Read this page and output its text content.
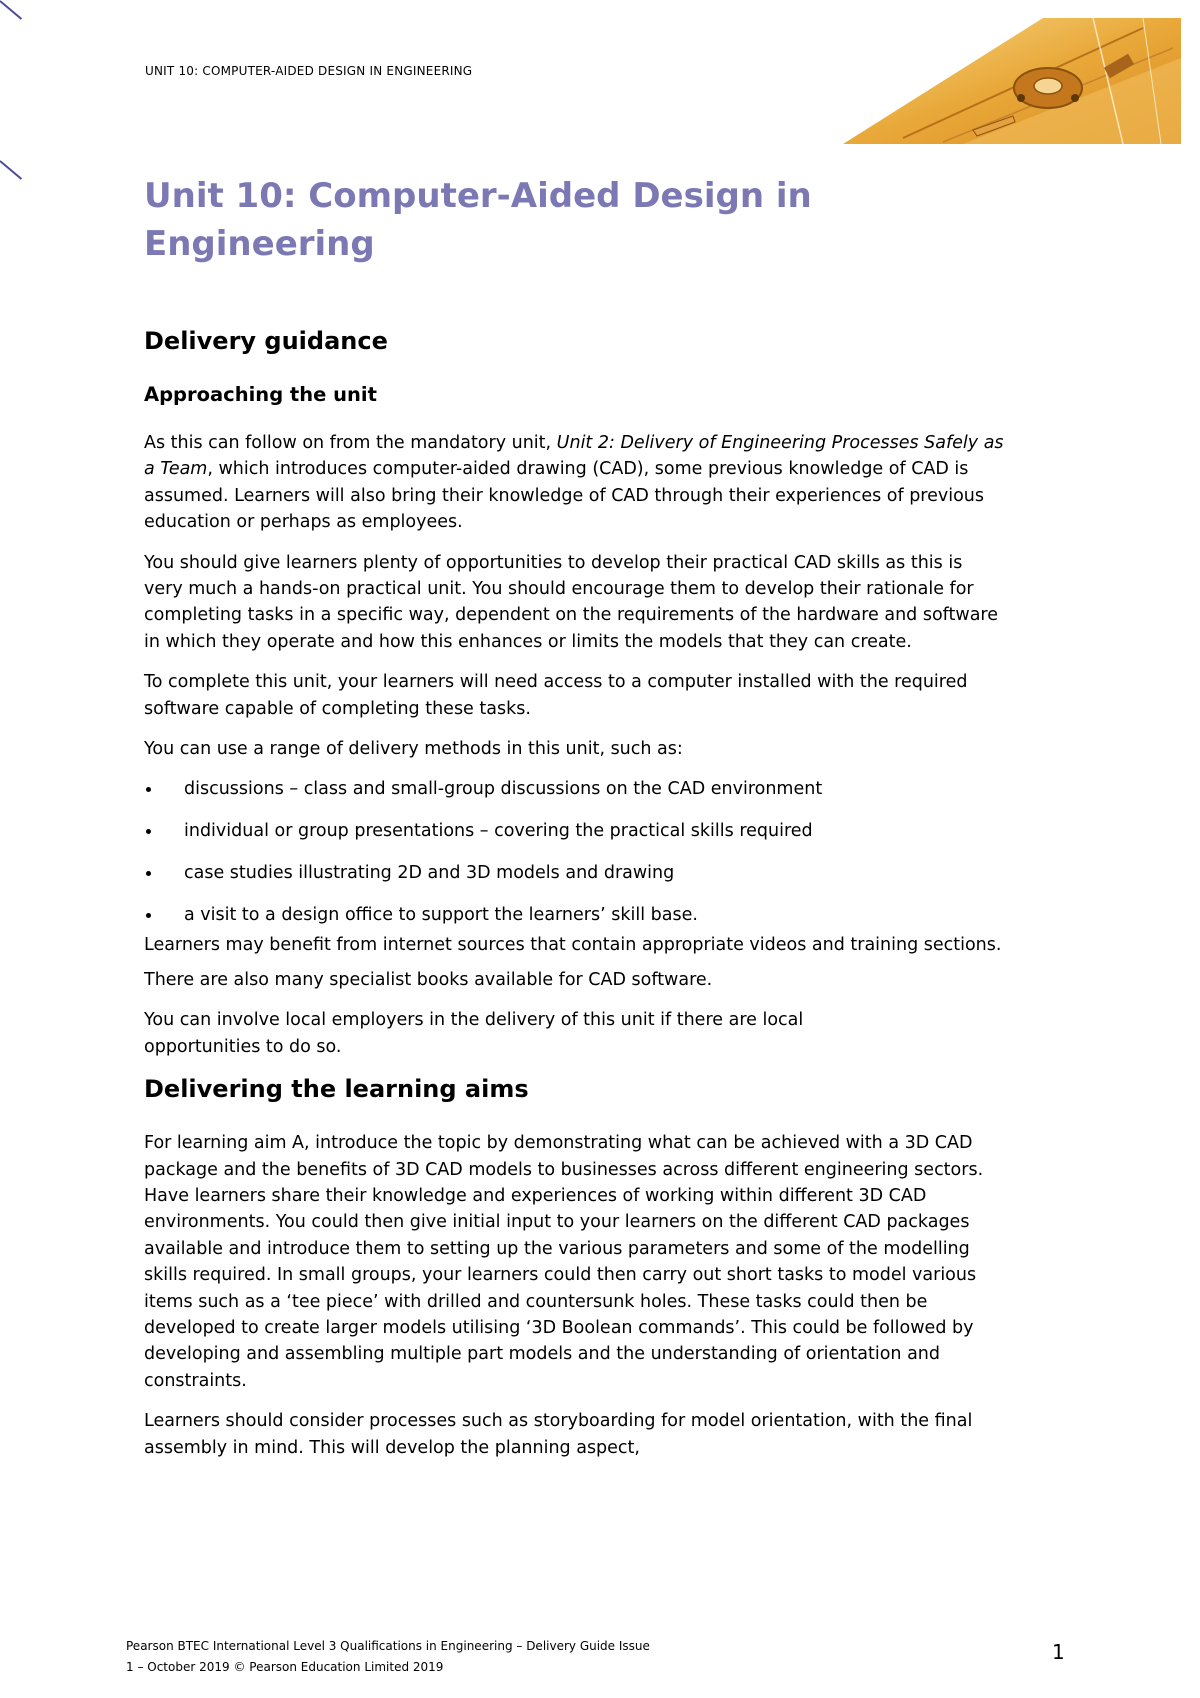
UNIT 10: COMPUTER-AIDED DESIGN IN ENGINEERING
Unit 10: Computer-Aided Design in Engineering
Delivery guidance
Approaching the unit

As this can follow on from the mandatory unit, Unit 2: Delivery of Engineering Processes Safely as a Team, which introduces computer-aided drawing (CAD), some previous knowledge of CAD is assumed. Learners will also bring their knowledge of CAD through their experiences of previous education or perhaps as employees.

You should give learners plenty of opportunities to develop their practical CAD skills as this is very much a hands-on practical unit. You should encourage them to develop their rationale for completing tasks in a specific way, dependent on the requirements of the hardware and software in which they operate and how this enhances or limits the models that they can create.

To complete this unit, your learners will need access to a computer installed with the required software capable of completing these tasks.

You can use a range of delivery methods in this unit, such as:

discussions – class and small-group discussions on the CAD environment
individual or group presentations – covering the practical skills required
case studies illustrating 2D and 3D models and drawing
a visit to a design office to support the learners’ skill base.

Learners may benefit from internet sources that contain appropriate videos and training sections.

There are also many specialist books available for CAD software.

You can involve local employers in the delivery of this unit if there are local opportunities to do so.

Delivering the learning aims

For learning aim A, introduce the topic by demonstrating what can be achieved with a 3D CAD package and the benefits of 3D CAD models to businesses across different engineering sectors. Have learners share their knowledge and experiences of working within different 3D CAD environments. You could then give initial input to your learners on the different CAD packages available and introduce them to setting up the various parameters and some of the modelling skills required. In small groups, your learners could then carry out short tasks to model various items such as a ‘tee piece’ with drilled and countersunk holes. These tasks could then be developed to create larger models utilising ‘3D Boolean commands’. This could be followed by developing and assembling multiple part models and the understanding of orientation and constraints.

Learners should consider processes such as storyboarding for model orientation, with the final assembly in mind. This will develop the planning aspect,

Pearson BTEC International Level 3 Qualifications in Engineering – Delivery Guide Issue
1 – October 2019 © Pearson Education Limited 2019
1
